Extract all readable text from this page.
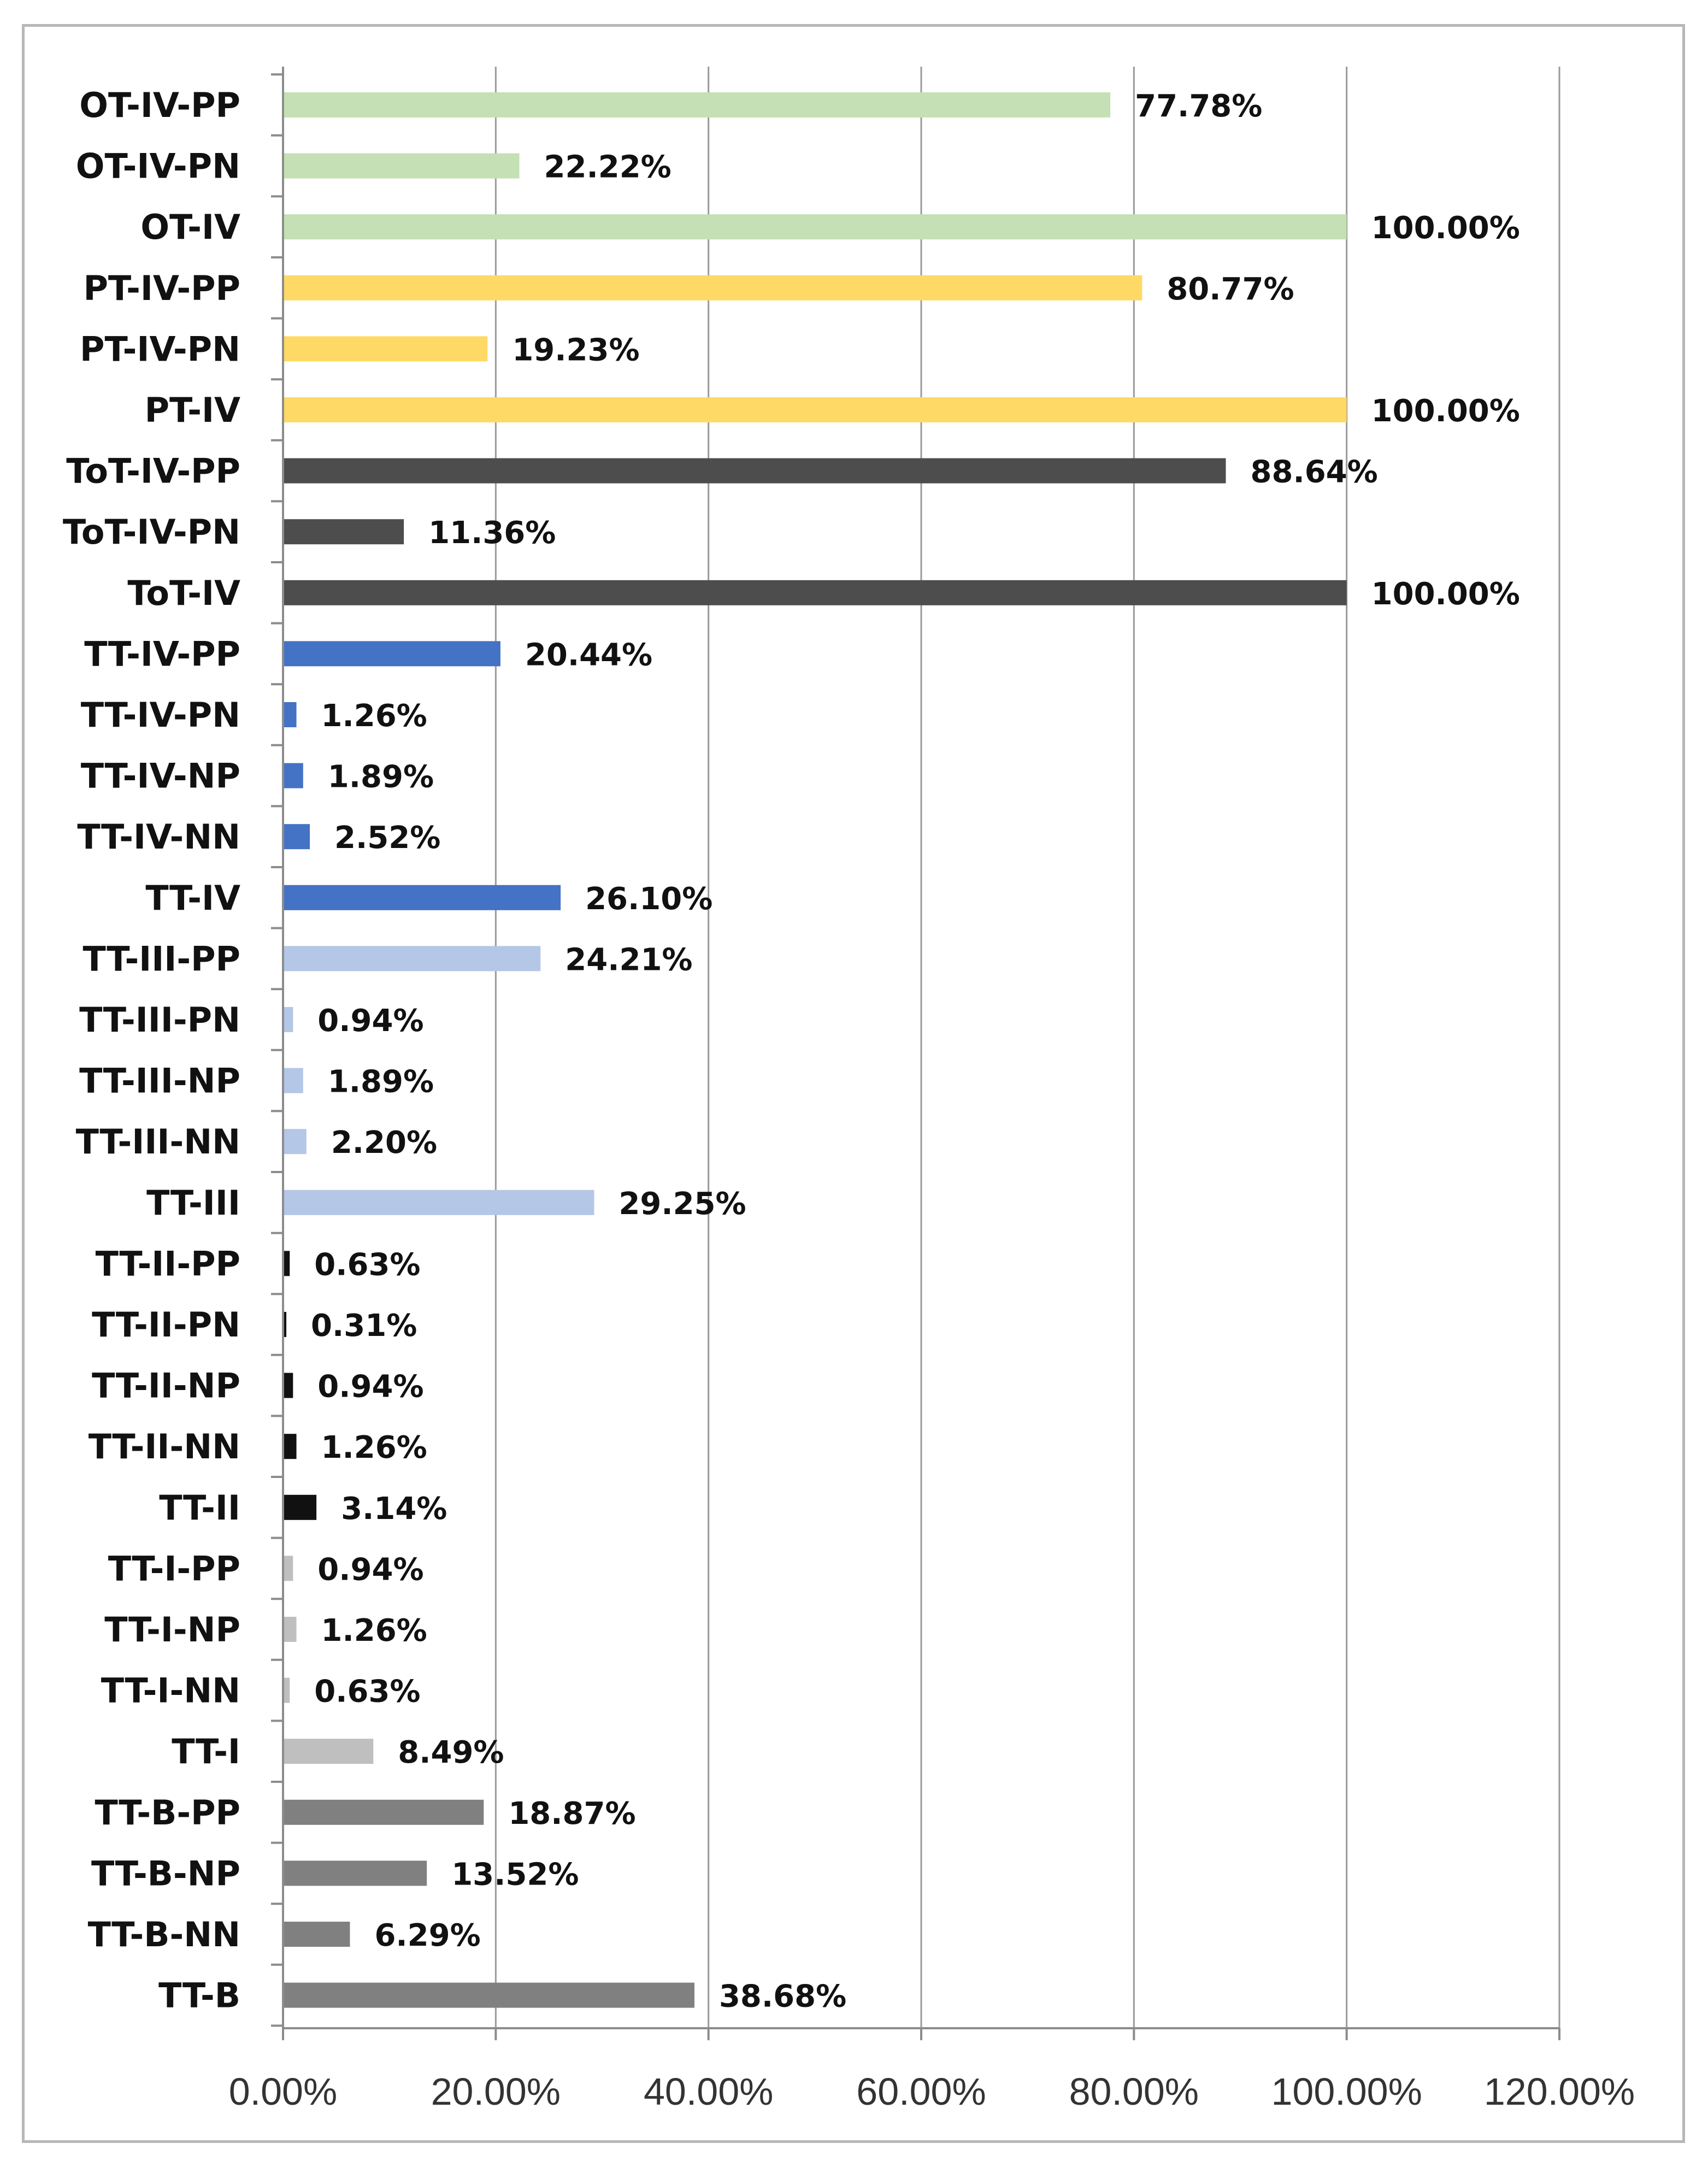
OT-IV-PP
OT-IV-PN
OT-IV
PT-IV-PP
PT-IV-PN
PT-IV
ToT-IV-PP
ToT-IV-PN
ToT-IV
TT-IV-PP
TT-IV-PN
TT-IV-NP
TT-IV-NN
TT-IV
TT-III-PP
TT-III-PN
TT-III-NP
TT-III-NN
TT-III
TT-II-PP
TT-II-PN
TT-II-NP
TT-II-NN
TT-II
TT-I-PP
TT-I-NP
TT-I-NN
TT-I
TT-B-PP
TT-B-NP
TT-B-NN
TT-B
77.78%
22.22%
100.00%
80.77%
19.23%
100.00%
88.64%
11.36%
100.00%
20.44%
1.26%
1.89%
2.52%
26.10%
24.21%
0.94%
1.89%
2.20%
29.25%
0.63%
0.31%
0.94%
1.26%
3.14%
0.94%
1.26%
0.63%
8.49%
18.87%
13.52%
6.29%
38.68%
0.00% 20.00% 40.00% 60.00% 80.00% 100.00% 120.00%
